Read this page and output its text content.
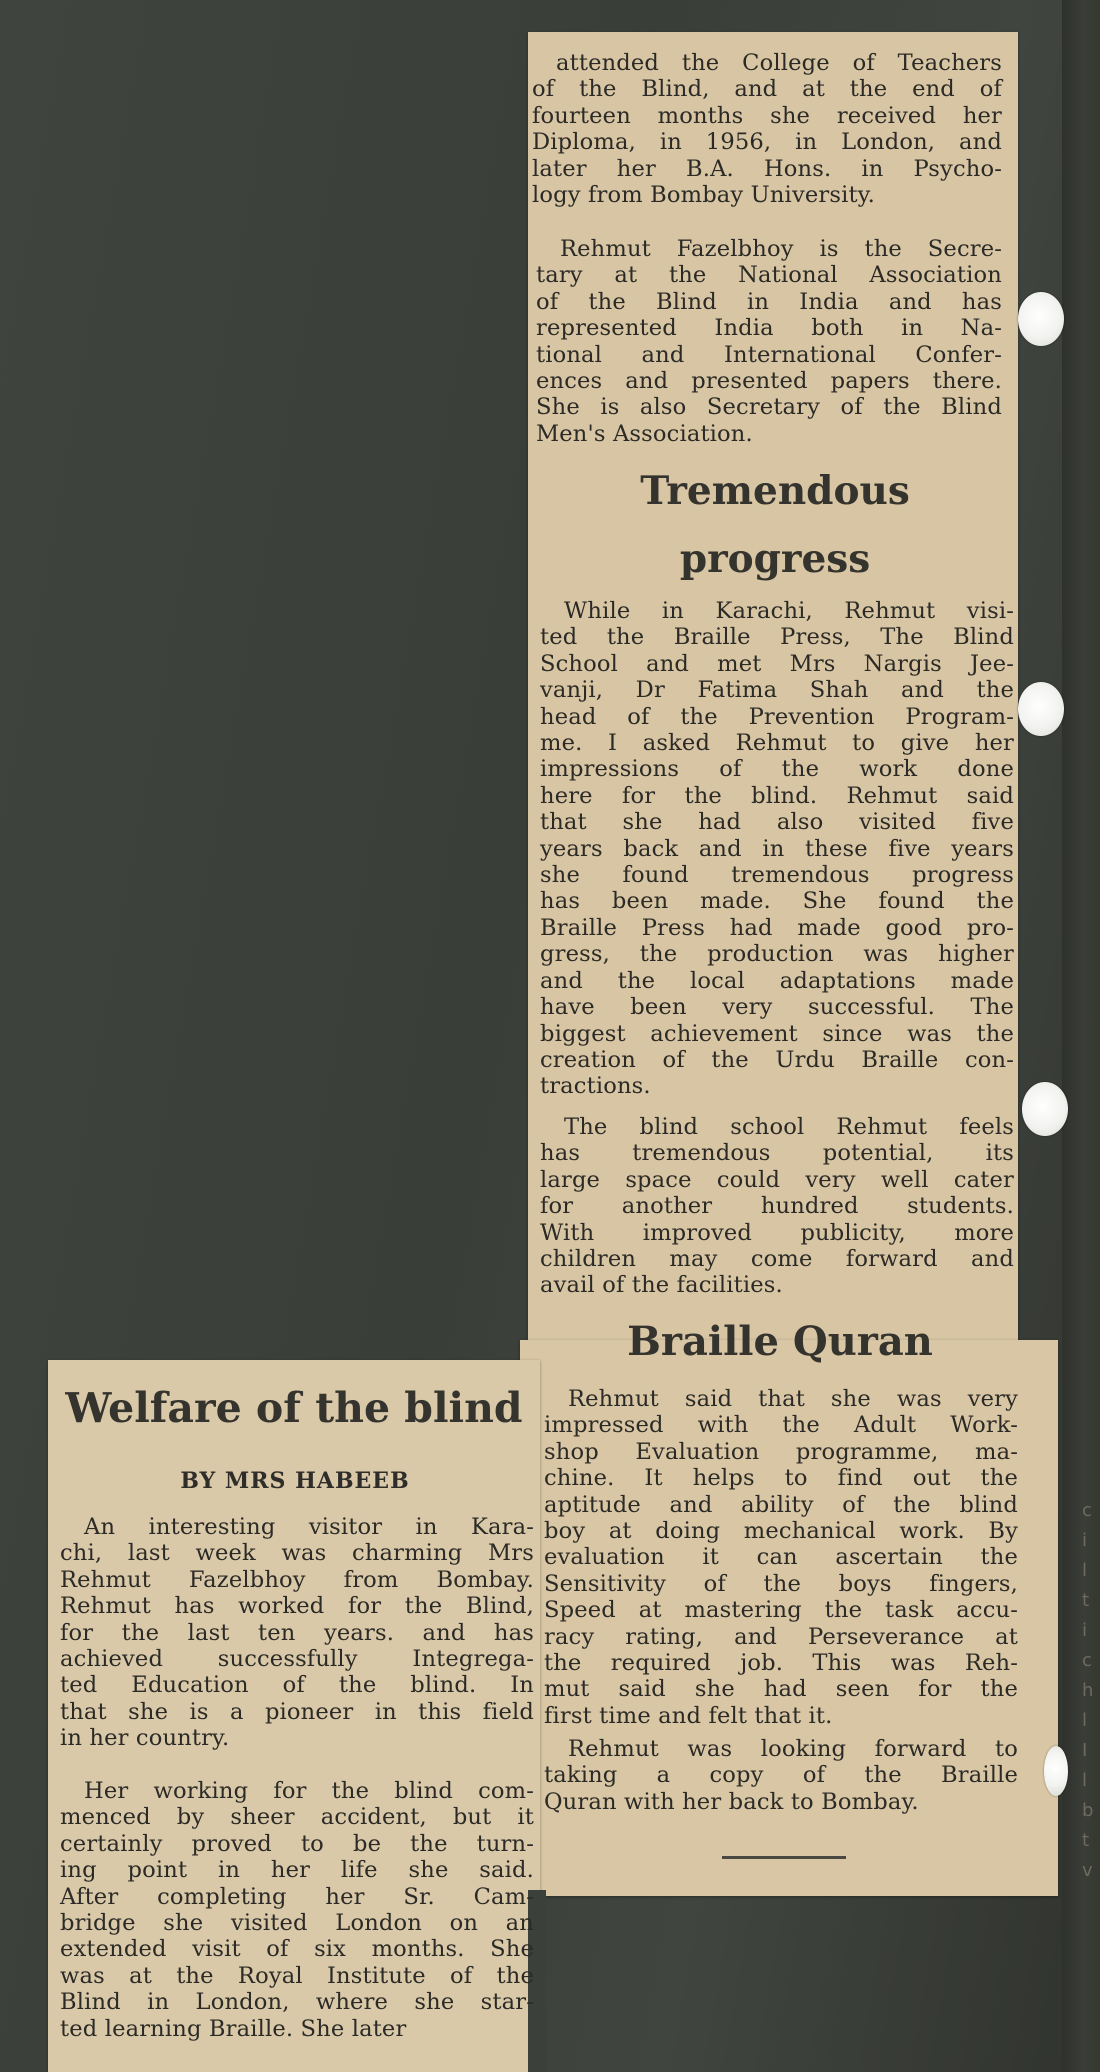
attended the College of Teachers
of the Blind, and at the end of
fourteen months she received her
Diploma, in 1956, in London, and
later her B.A. Hons. in Psycho-
logy from Bombay University.
Rehmut Fazelbhoy is the Secre-
tary at the National Association
of the Blind in India and has
represented India both in Na-
tional and International Confer-
ences and presented papers there.
She is also Secretary of the Blind
Men's Association.
Tremendous
progress
While in Karachi, Rehmut visi-
ted the Braille Press, The Blind
School and met Mrs Nargis Jee-
vanji, Dr Fatima Shah and the
head of the Prevention Program-
me. I asked Rehmut to give her
impressions of the work done
here for the blind. Rehmut said
that she had also visited five
years back and in these five years
she found tremendous progress
has been made. She found the
Braille Press had made good pro-
gress, the production was higher
and the local adaptations made
have been very successful. The
biggest achievement since was the
creation of the Urdu Braille con-
tractions.
The blind school Rehmut feels
has tremendous potential, its
large space could very well cater
for another hundred students.
With improved publicity, more
children may come forward and
avail of the facilities.
Braille Quran
Rehmut said that she was very
impressed with the Adult Work-
shop Evaluation programme, ma-
chine. It helps to find out the
aptitude and ability of the blind
boy at doing mechanical work. By
evaluation it can ascertain the
Sensitivity of the boys fingers,
Speed at mastering the task accu-
racy rating, and Perseverance at
the required job. This was Reh-
mut said she had seen for the
first time and felt that it.
Rehmut was looking forward to
taking a copy of the Braille
Quran with her back to Bombay.
Welfare of the blind

BY MRS HABEEB

An interesting visitor in Kara-
chi, last week was charming Mrs
Rehmut Fazelbhoy from Bombay.
Rehmut has worked for the Blind,
for the last ten years. and has
achieved successfully Integrega-
ted Education of the blind. In
that she is a pioneer in this field
in her country.
Her working for the blind com-
menced by sheer accident, but it
certainly proved to be the turn-
ing point in her life she said.
After completing her Sr. Cam-
bridge she visited London on an
extended visit of six months. She
was at the Royal Institute of the
Blind in London, where she star-
ted learning Braille. She later
c
i
l
t
i
c
h
l
I
l
b
t
v
